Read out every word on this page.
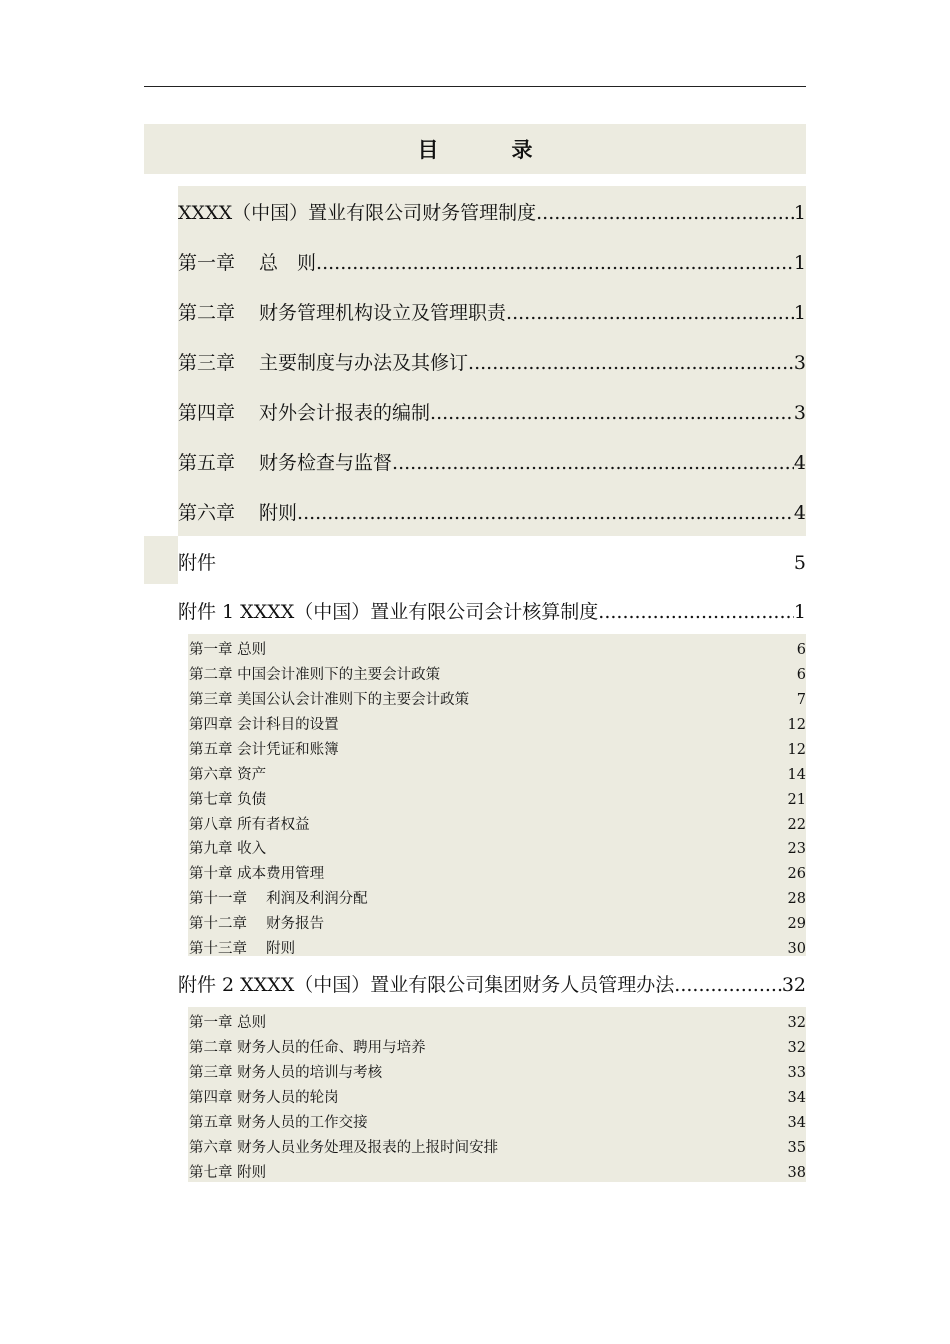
目　录
XXXX（中国）置业有限公司财务管理制度 .....	1
第一章 总　则 .....	1
第二章 财务管理机构设立及管理职责 .....	1
第三章 主要制度与办法及其修订 .....	3
第四章 对外会计报表的编制 .....	3
第五章 财务检查与监督 .....	4
第六章 附则 .....	4
附件	5
附件 1 XXXX（中国）置业有限公司会计核算制度 .....	1
第一章 总则	6
第二章 中国会计准则下的主要会计政策	6
第三章 美国公认会计准则下的主要会计政策	7
第四章 会计科目的设置	12
第五章 会计凭证和账簿	12
第六章 资产	14
第七章 负债	21
第八章 所有者权益	22
第九章 收入	23
第十章 成本费用管理	26
第十一章　 利润及利润分配	28
第十二章　 财务报告	29
第十三章　 附则	30
附件 2 XXXX（中国）置业有限公司集团财务人员管理办法 .....	32
第一章 总则	32
第二章 财务人员的任命、聘用与培养	32
第三章 财务人员的培训与考核	33
第四章 财务人员的轮岗	34
第五章 财务人员的工作交接	34
第六章 财务人员业务处理及报表的上报时间安排	35
第七章 附则	38
